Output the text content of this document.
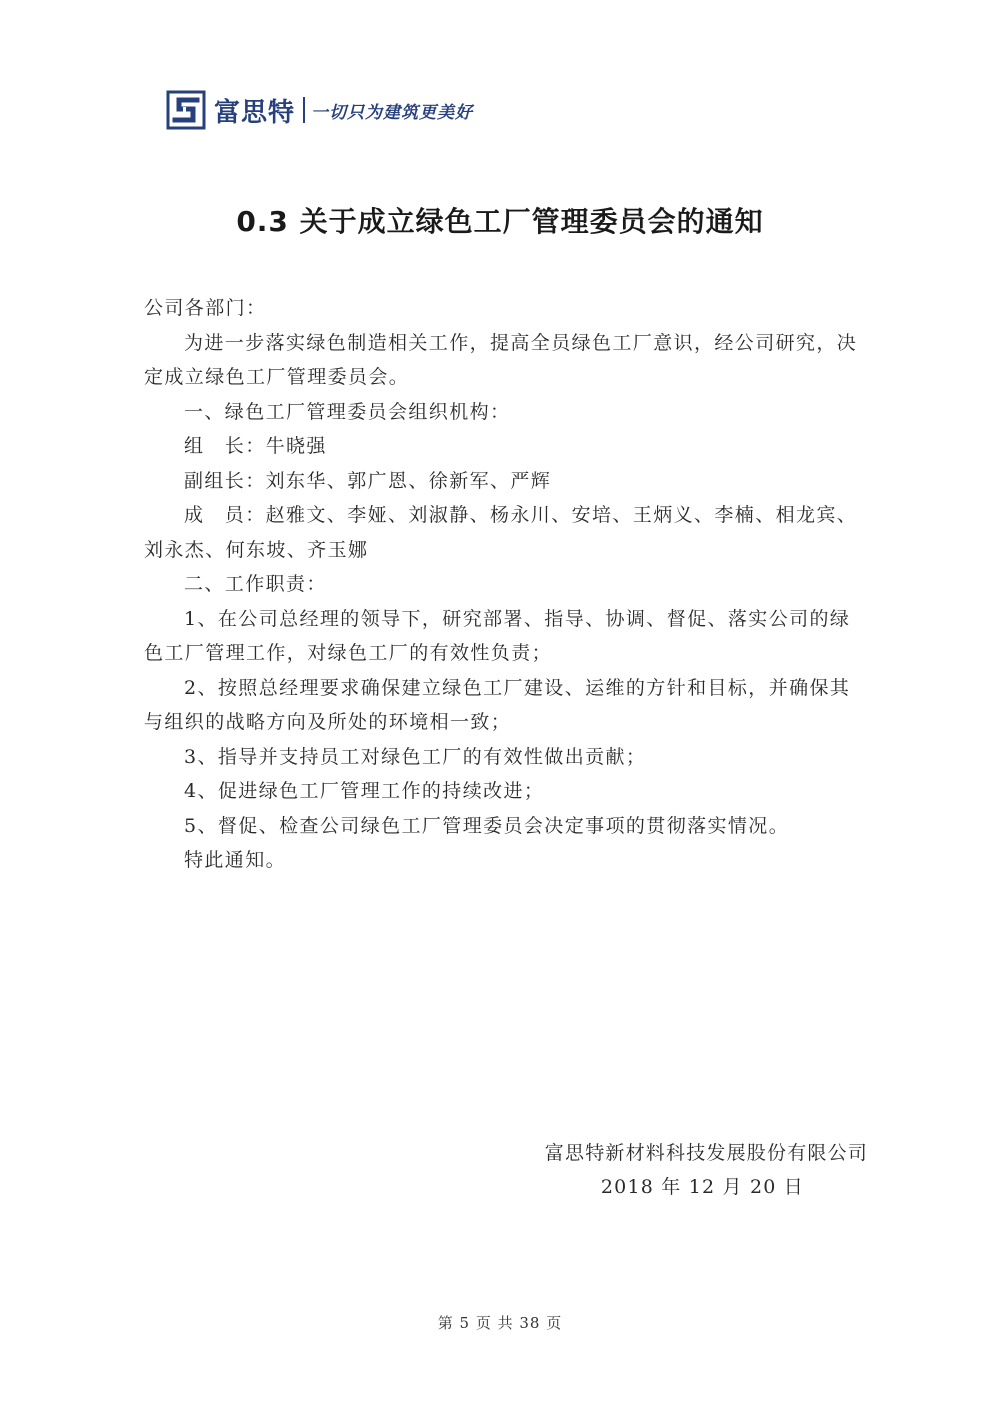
富思特 一切只为建筑更美好
0.3 关于成立绿色工厂管理委员会的通知

公司各部门：

为进一步落实绿色制造相关工作，提高全员绿色工厂意识，经公司研究，决定成立绿色工厂管理委员会。

一、绿色工厂管理委员会组织机构：

组　长：牛晓强

副组长：刘东华、郭广恩、徐新军、严辉

成　员：赵雅文、李娅、刘淑静、杨永川、安培、王炳义、李楠、相龙宾、刘永杰、何东坡、齐玉娜

二、工作职责：

1、在公司总经理的领导下，研究部署、指导、协调、督促、落实公司的绿色工厂管理工作，对绿色工厂的有效性负责；

2、按照总经理要求确保建立绿色工厂建设、运维的方针和目标，并确保其与组织的战略方向及所处的环境相一致；

3、指导并支持员工对绿色工厂的有效性做出贡献；

4、促进绿色工厂管理工作的持续改进；

5、督促、检查公司绿色工厂管理委员会决定事项的贯彻落实情况。

特此通知。

富思特新材料科技发展股份有限公司
2018 年 12 月 20 日
第 5 页 共 38 页
